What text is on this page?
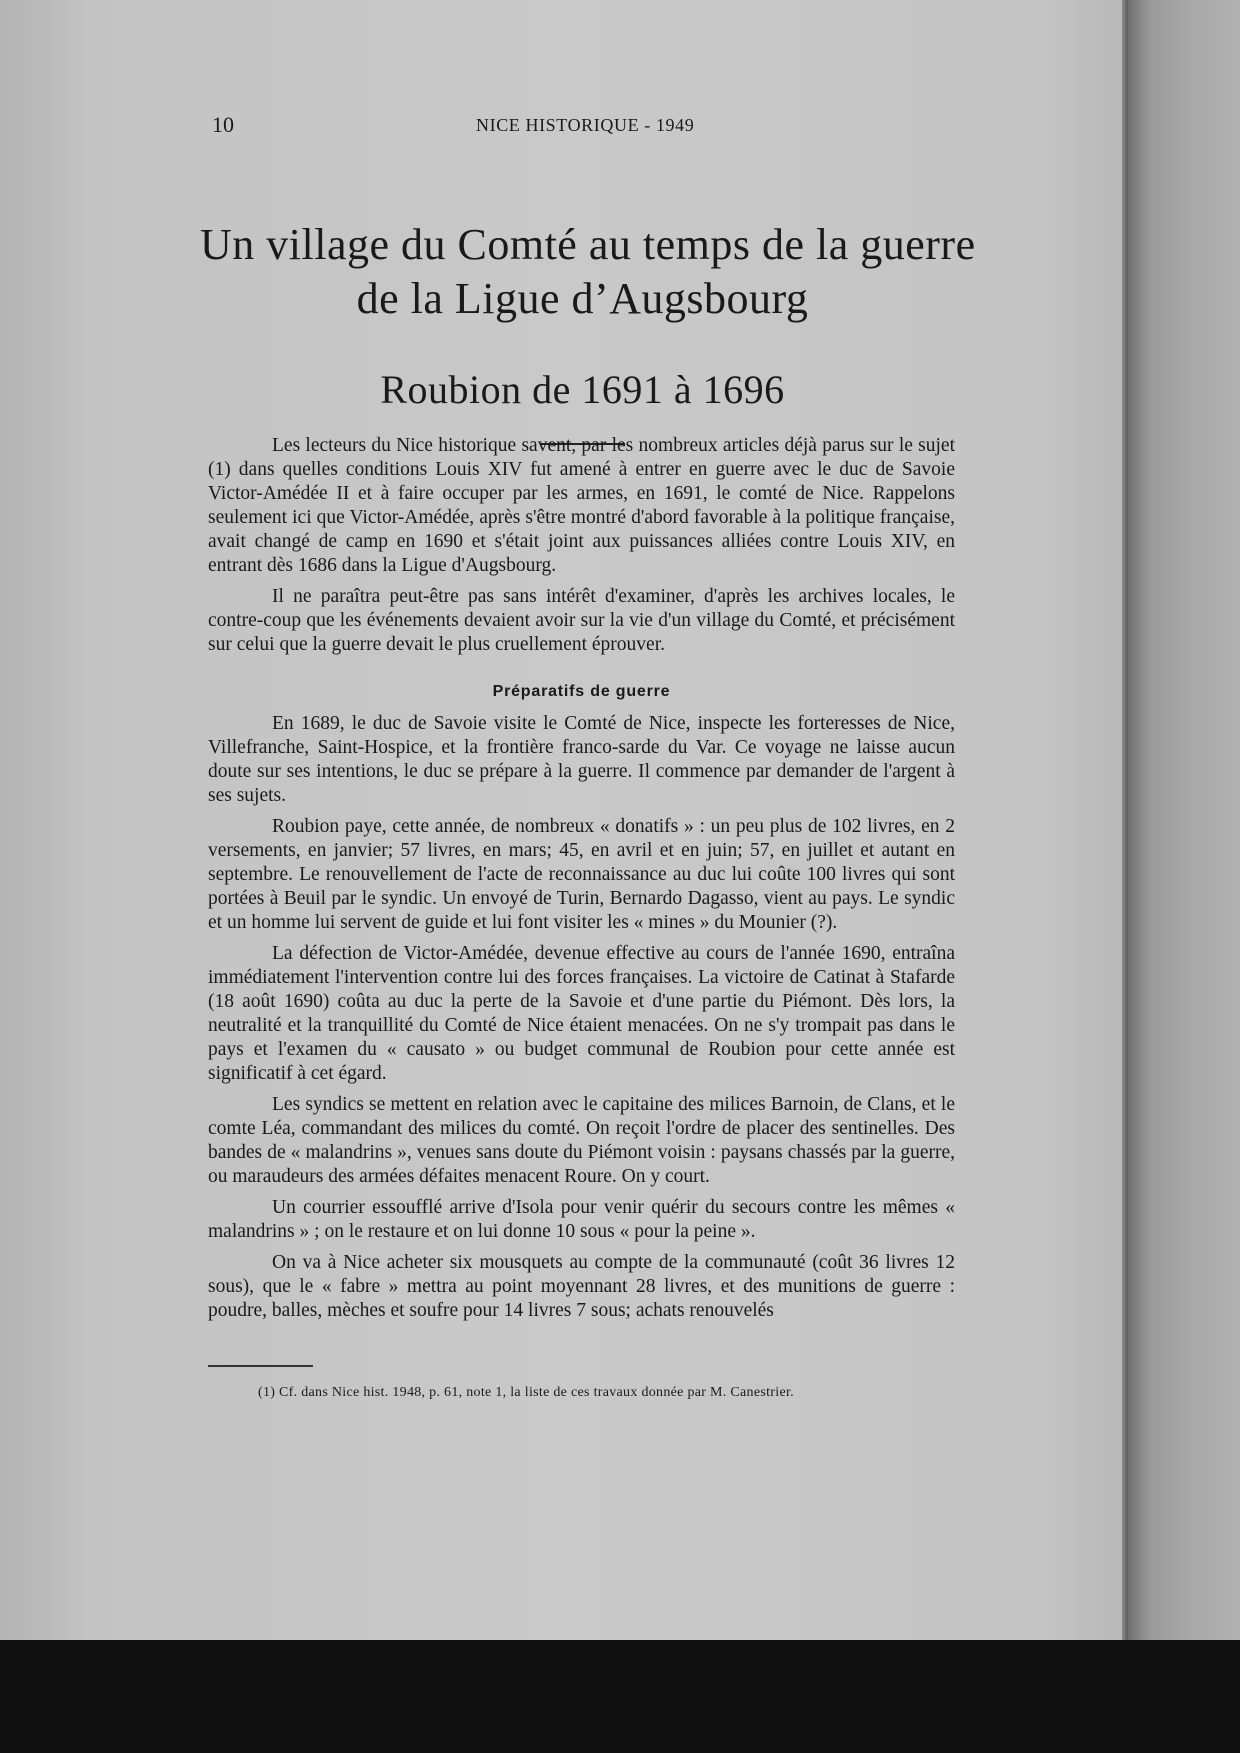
10	NICE HISTORIQUE - 1949
Un village du Comté au temps de la guerre
de la Ligue d’Augsbourg
Roubion de 1691 à 1696

Les lecteurs du Nice historique savent, par les nombreux articles déjà parus sur le sujet (1) dans quelles conditions Louis XIV fut amené à entrer en guerre avec le duc de Savoie Victor-Amédée II et à faire occuper par les armes, en 1691, le comté de Nice. Rappelons seulement ici que Victor-Amédée, après s'être montré d'abord favorable à la politique française, avait changé de camp en 1690 et s'était joint aux puissances alliées contre Louis XIV, en entrant dès 1686 dans la Ligue d'Augsbourg.

Il ne paraîtra peut-être pas sans intérêt d'examiner, d'après les archives locales, le contre-coup que les événements devaient avoir sur la vie d'un village du Comté, et précisément sur celui que la guerre devait le plus cruellement éprouver.

Préparatifs de guerre

En 1689, le duc de Savoie visite le Comté de Nice, inspecte les forteresses de Nice, Villefranche, Saint-Hospice, et la frontière franco-sarde du Var. Ce voyage ne laisse aucun doute sur ses intentions, le duc se prépare à la guerre. Il commence par demander de l'argent à ses sujets.

Roubion paye, cette année, de nombreux « donatifs » : un peu plus de 102 livres, en 2 versements, en janvier; 57 livres, en mars; 45, en avril et en juin; 57, en juillet et autant en septembre. Le renouvellement de l'acte de reconnaissance au duc lui coûte 100 livres qui sont portées à Beuil par le syndic. Un envoyé de Turin, Bernardo Dagasso, vient au pays. Le syndic et un homme lui servent de guide et lui font visiter les « mines » du Mounier (?).

La défection de Victor-Amédée, devenue effective au cours de l'année 1690, entraîna immédiatement l'intervention contre lui des forces françaises. La victoire de Catinat à Stafarde (18 août 1690) coûta au duc la perte de la Savoie et d'une partie du Piémont. Dès lors, la neutralité et la tranquillité du Comté de Nice étaient menacées. On ne s'y trompait pas dans le pays et l'examen du « causato » ou budget communal de Roubion pour cette année est significatif à cet égard.

Les syndics se mettent en relation avec le capitaine des milices Barnoin, de Clans, et le comte Léa, commandant des milices du comté. On reçoit l'ordre de placer des sentinelles. Des bandes de « malandrins », venues sans doute du Piémont voisin : paysans chassés par la guerre, ou maraudeurs des armées défaites menacent Roure. On y court.

Un courrier essoufflé arrive d'Isola pour venir quérir du secours contre les mêmes « malandrins » ; on le restaure et on lui donne 10 sous « pour la peine ».

On va à Nice acheter six mousquets au compte de la communauté (coût 36 livres 12 sous), que le « fabre » mettra au point moyennant 28 livres, et des munitions de guerre : poudre, balles, mèches et soufre pour 14 livres 7 sous; achats renouvelés

(1) Cf. dans Nice hist. 1948, p. 61, note 1, la liste de ces travaux donnée par M. Canestrier.
